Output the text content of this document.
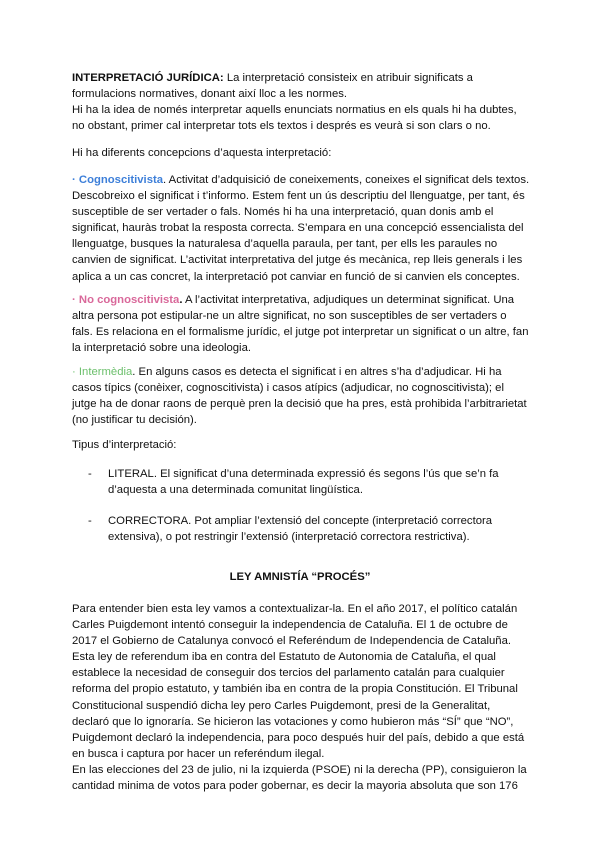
INTERPRETACIÓ JURÍDICA: La interpretació consisteix en atribuir significats a formulacions normatives, donant així lloc a les normes.
Hi ha la idea de només interpretar aquells enunciats normatius en els quals hi ha dubtes, no obstant, primer cal interpretar tots els textos i després es veurà si son clars o no.
Hi ha diferents concepcions d’aquesta interpretació:
· Cognoscitivista. Activitat d’adquisició de coneixements, coneixes el significat dels textos. Descobreixo el significat i t’informo. Estem fent un ús descriptiu del llenguatge, per tant, és susceptible de ser vertader o fals. Només hi ha una interpretació, quan donis amb el significat, hauràs trobat la resposta correcta. S’empara en una concepció essencialista del llenguatge, busques la naturalesa d’aquella paraula, per tant, per ells les paraules no canvien de significat. L’activitat interpretativa del jutge és mecànica, rep lleis generals i les aplica a un cas concret, la interpretació pot canviar en funció de si canvien els conceptes.
· No cognoscitivista. A l’activitat interpretativa, adjudiques un determinat significat. Una altra persona pot estipular-ne un altre significat, no son susceptibles de ser vertaders o fals. Es relaciona en el formalisme jurídic, el jutge pot interpretar un significat o un altre, fan la interpretació sobre una ideologia.
· Intermèdia. En alguns casos es detecta el significat i en altres s’ha d’adjudicar. Hi ha casos típics (conèixer, cognoscitivista) i casos atípics (adjudicar, no cognoscitivista); el jutge ha de donar raons de perquè pren la decisió que ha pres, està prohibida l’arbitrarietat (no justificar tu decisión).
Tipus d’interpretació:
- LITERAL. El significat d’una determinada expressió és segons l’ús que se’n fa d’aquesta a una determinada comunitat lingüística.
- CORRECTORA. Pot ampliar l’extensió del concepte (interpretació correctora extensiva), o pot restringir l’extensió (interpretació correctora restrictiva).
LEY AMNISTÍA “PROCÉS”
Para entender bien esta ley vamos a contextualizar-la. En el año 2017, el político catalán Carles Puigdemont intentó conseguir la independencia de Cataluña. El 1 de octubre de 2017 el Gobierno de Catalunya convocó el Referéndum de Independencia de Cataluña. Esta ley de referendum iba en contra del Estatuto de Autonomia de Cataluña, el qual establece la necesidad de conseguir dos tercios del parlamento catalán para cualquier reforma del propio estatuto, y también iba en contra de la propia Constitución. El Tribunal Constitucional suspendió dicha ley pero Carles Puigdemont, presi de la Generalitat, declaró que lo ignoraría. Se hicieron las votaciones y como hubieron más “SÍ” que “NO”, Puigdemont declaró la independencia, para poco después huir del país, debido a que está en busca i captura por hacer un referéndum ilegal.
En las elecciones del 23 de julio, ni la izquierda (PSOE) ni la derecha (PP), consiguieron la cantidad minima de votos para poder gobernar, es decir la mayoria absoluta que son 176
